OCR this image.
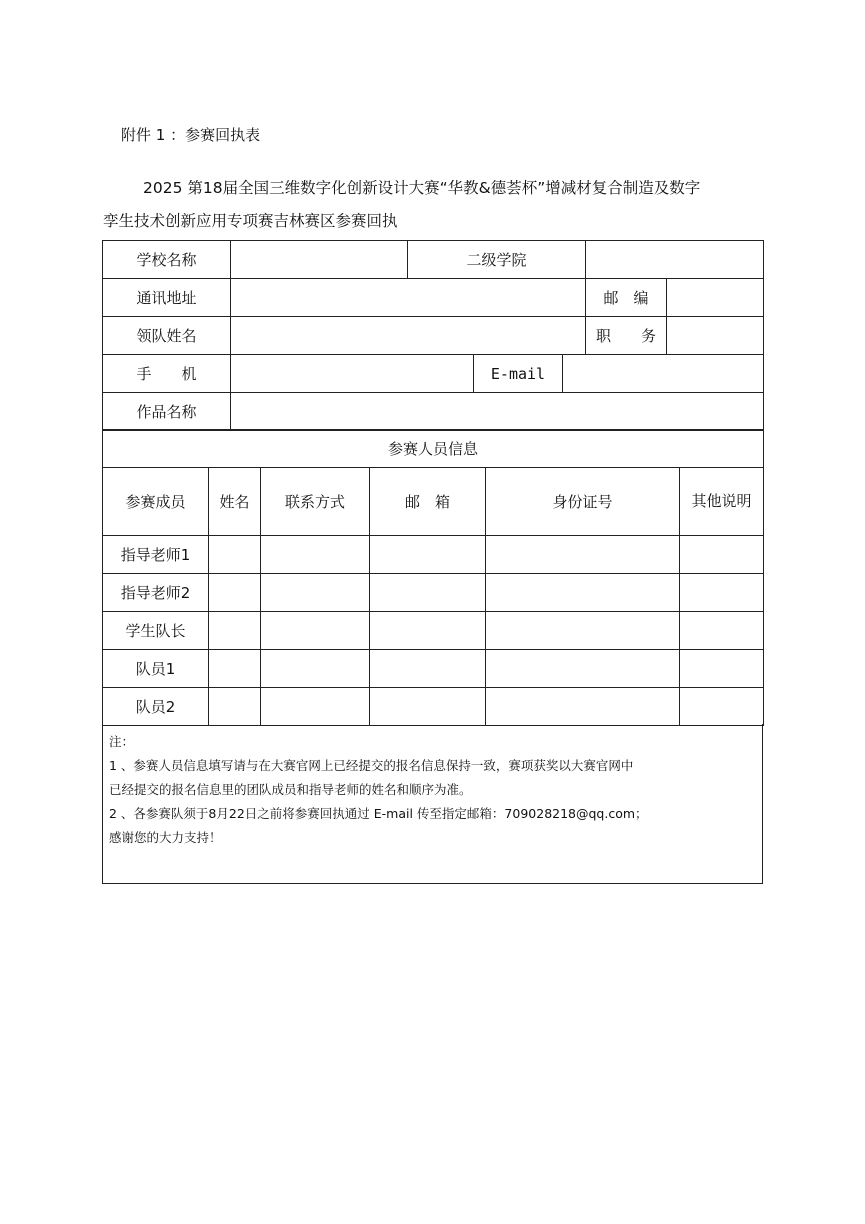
附件 1 ：参赛回执表
2025 第18届全国三维数字化创新设计大赛“华教&德荟杯”增减材复合制造及数字
孪生技术创新应用专项赛吉林赛区参赛回执
学校名称		二级学院				
通讯地址					邮　编	
领队姓名					职　　务	
手　　机			E-mail			
作品名称						
参赛人员信息					
参赛成员	姓名	联系方式	邮　箱	身份证号	其他说明
指导老师1					
指导老师2					
学生队长					
队员1					
队员2					

注：

1 、参赛人员信息填写请与在大赛官网上已经提交的报名信息保持一致，赛项获奖以大赛官网中

已经提交的报名信息里的团队成员和指导老师的姓名和顺序为准。

2 、各参赛队须于8月22日之前将参赛回执通过 E-mail 传至指定邮箱：709028218@qq.com；

感谢您的大力支持！
